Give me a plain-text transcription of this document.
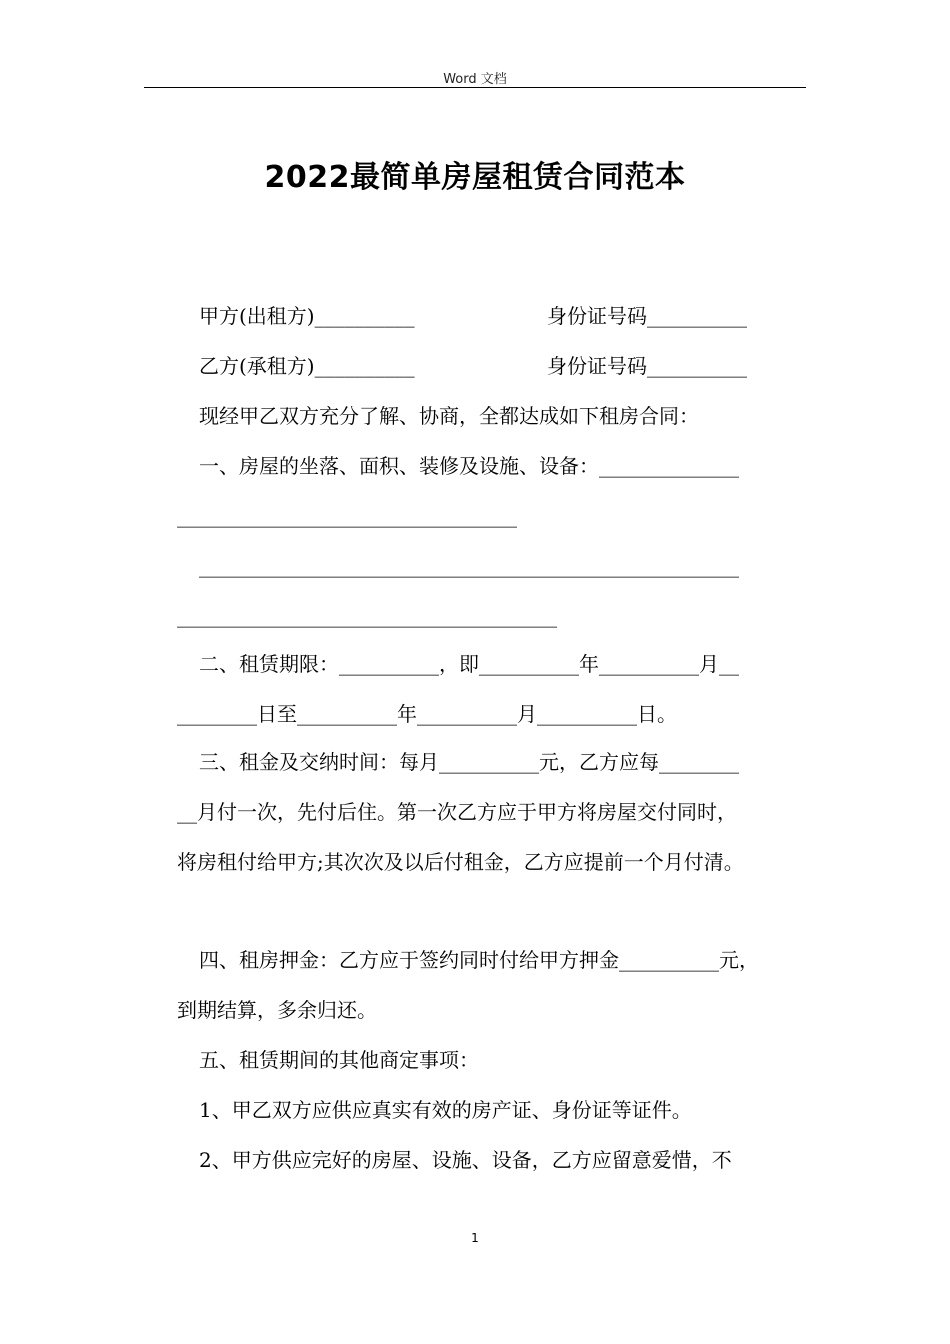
Word 文档
2022最简单房屋租赁合同范本
甲方(出租方)__________	身份证号码__________
乙方(承租方)__________	身份证号码__________
现经甲乙双方充分了解、协商，全都达成如下租房合同：
一、房屋的坐落、面积、装修及设施、设备：______________
__________________________________
______________________________________________________
______________________________________
二、租赁期限：__________，即__________年__________月__
________日至__________年__________月__________日。
三、租金及交纳时间：每月__________元，乙方应每________
__月付一次，先付后住。第一次乙方应于甲方将房屋交付同时，
将房租付给甲方;其次次及以后付租金，乙方应提前一个月付清。
四、租房押金：乙方应于签约同时付给甲方押金__________元，
到期结算，多余归还。
五、租赁期间的其他商定事项：
1、甲乙双方应供应真实有效的房产证、身份证等证件。
2、甲方供应完好的房屋、设施、设备，乙方应留意爱惜，不
1
